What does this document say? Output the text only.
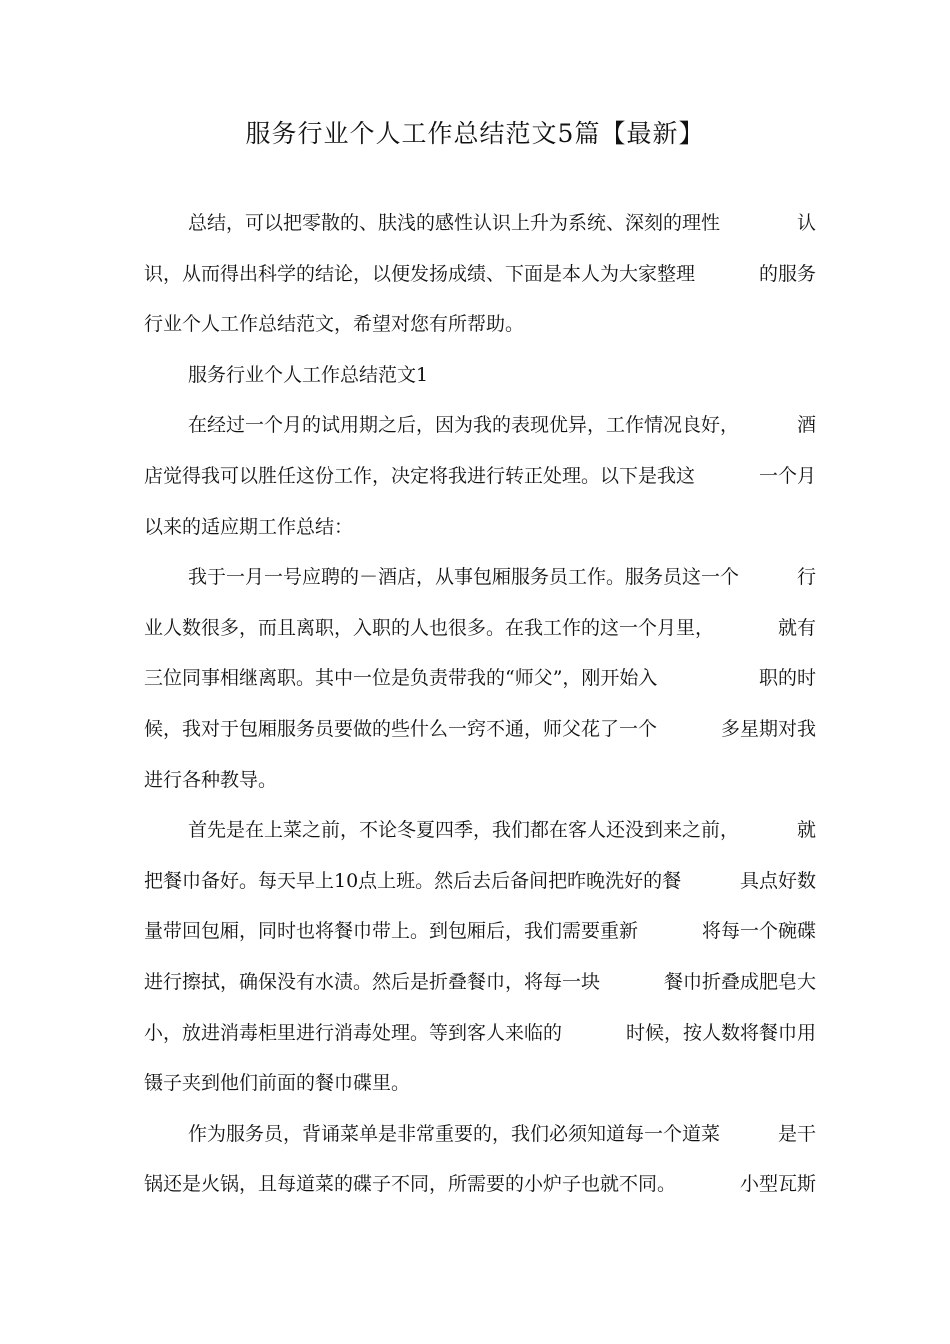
服务行业个人工作总结范文5篇【最新】
总结，可以把零散的、肤浅的感性认识上升为系统、深刻的理性	认
识，从而得出科学的结论，以便发扬成绩、下面是本人为大家整理	的服务
行业个人工作总结范文，希望对您有所帮助。
服务行业个人工作总结范文1
在经过一个月的试用期之后，因为我的表现优异，工作情况良好，	酒
店觉得我可以胜任这份工作，决定将我进行转正处理。以下是我这	一个月
以来的适应期工作总结：
我于一月一号应聘的－酒店，从事包厢服务员工作。服务员这一个	行
业人数很多，而且离职，入职的人也很多。在我工作的这一个月里，	就有
三位同事相继离职。其中一位是负责带我的“师父”，刚开始入	职的时
候，我对于包厢服务员要做的些什么一窍不通，师父花了一个	多星期对我
进行各种教导。
首先是在上菜之前，不论冬夏四季，我们都在客人还没到来之前，	就
把餐巾备好。每天早上10点上班。然后去后备间把昨晚洗好的餐	具点好数
量带回包厢，同时也将餐巾带上。到包厢后，我们需要重新	将每一个碗碟
进行擦拭，确保没有水渍。然后是折叠餐巾，将每一块	餐巾折叠成肥皂大
小，放进消毒柜里进行消毒处理。等到客人来临的	时候，按人数将餐巾用
镊子夹到他们前面的餐巾碟里。
作为服务员，背诵菜单是非常重要的，我们必须知道每一个道菜	是干
锅还是火锅，且每道菜的碟子不同，所需要的小炉子也就不同。	小型瓦斯
